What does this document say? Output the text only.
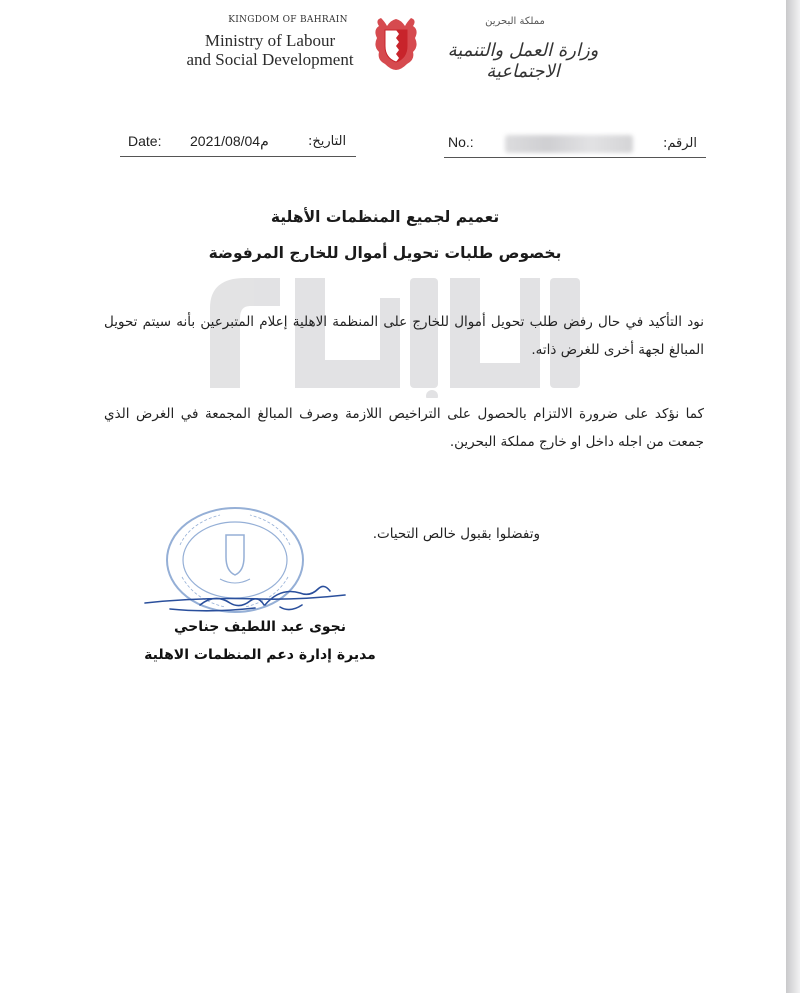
KINGDOM OF BAHRAIN
Ministry of Labour
and Social Development
مملكة البحرين
وزارة العمل والتنمية الاجتماعية
Date: 2021/08/04م	التاريخ:	No.:	الرقم:
تعميم لجميع المنظمات الأهلية
بخصوص طلبات تحويل أموال للخارج المرفوضة
نود التأكيد في حال رفض طلب تحويل أموال للخارج على المنظمة الاهلية إعلام المتبرعين بأنه سيتم تحويل المبالغ لجهة أخرى للغرض ذاته.
كما نؤكد على ضرورة الالتزام بالحصول على التراخيص اللازمة وصرف المبالغ المجمعة في الغرض الذي جمعت من اجله داخل او خارج مملكة البحرين.
وتفضلوا بقبول خالص التحيات.
نجوى عبد اللطيف جناحي
مديرة إدارة دعم المنظمات الاهلية
